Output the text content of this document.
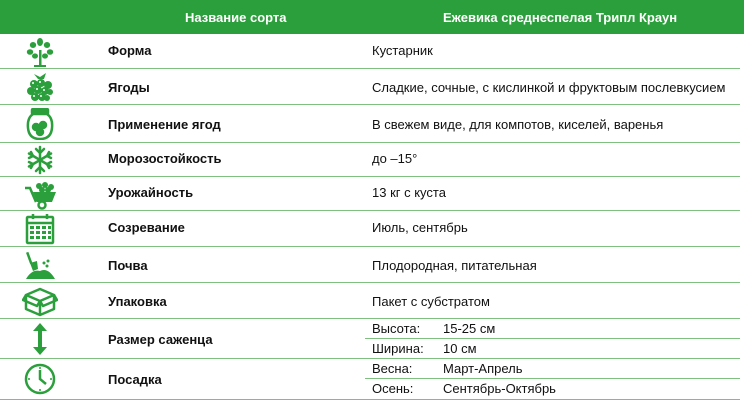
Название сорта	Ежевика среднеспелая Трипл Краун
Форма	Кустарник
Ягоды	Сладкие, сочные, с кислинкой и фруктовым послевкусием
Применение ягод	В свежем виде, для компотов, киселей, варенья
Морозостойкость	до –15°
Урожайность	13 кг с куста
Созревание	Июль, сентябрь
Почва	Плодородная, питательная
Упаковка	Пакет с субстратом
Размер саженца
Высота: 15-25 см
Ширина: 10 см
Посадка
Весна: Март-Апрель
Осень: Сентябрь-Октябрь
